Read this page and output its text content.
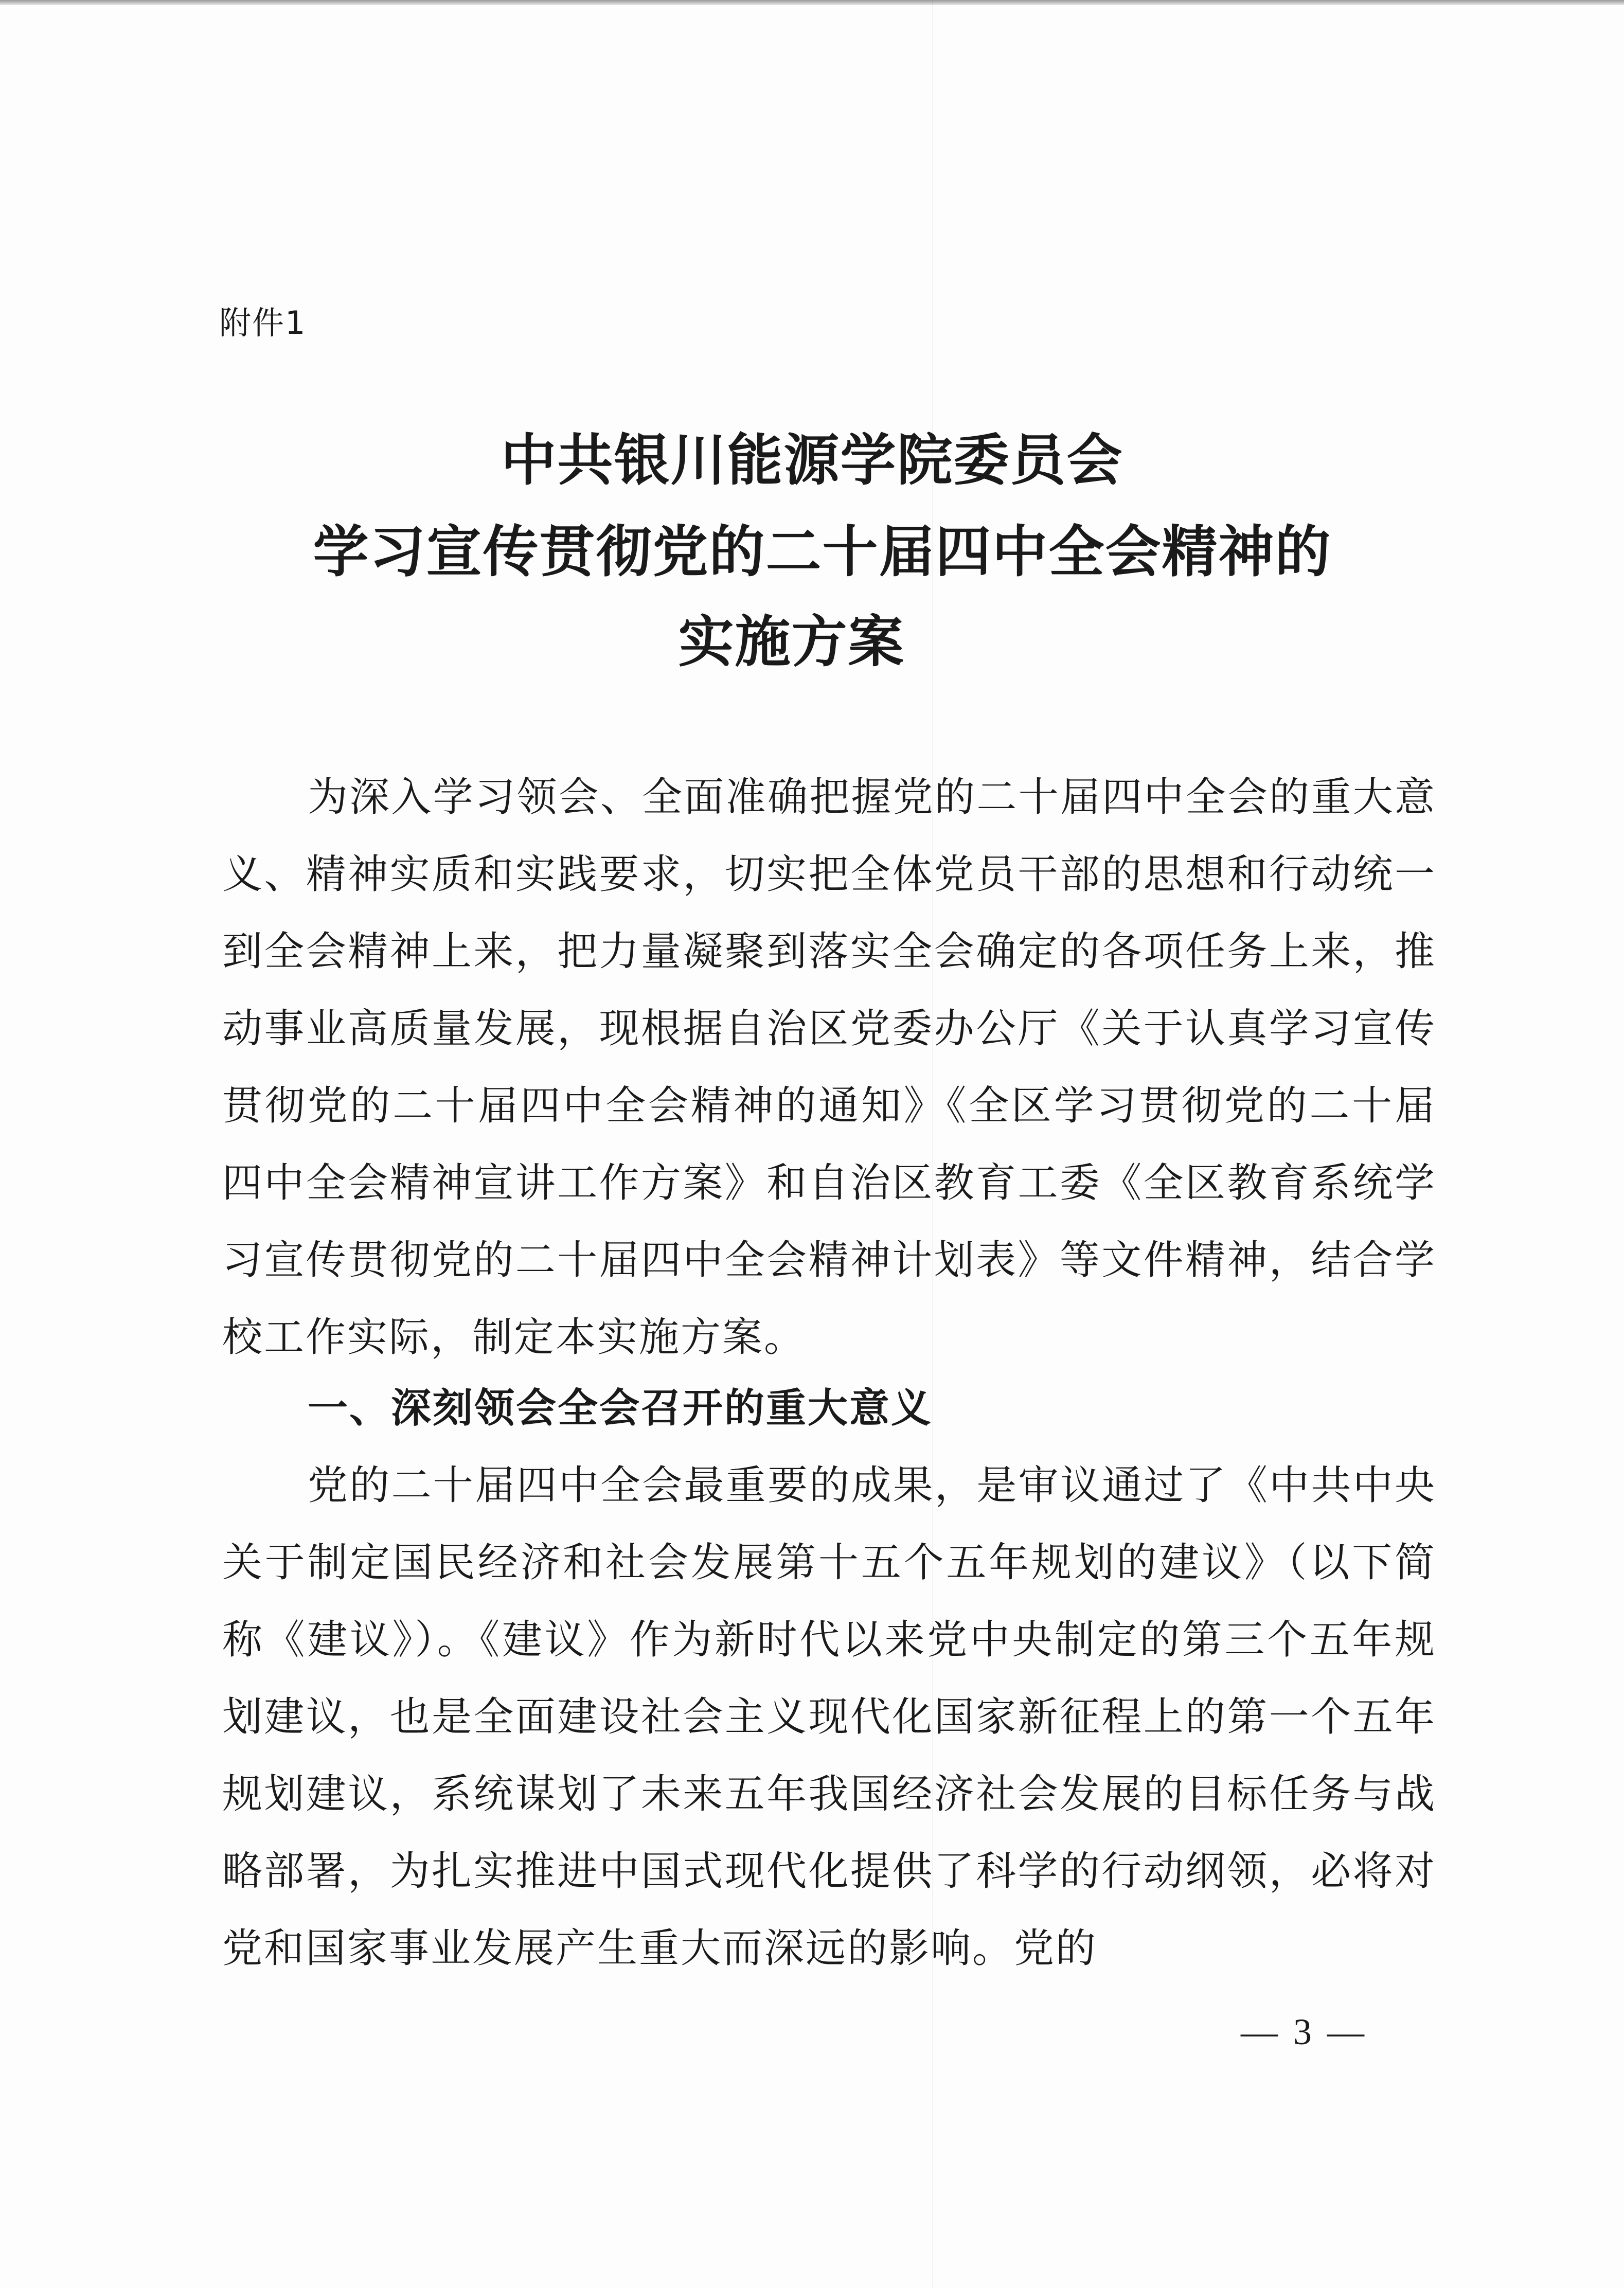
附件1
中共银川能源学院委员会
学习宣传贯彻党的二十届四中全会精神的
实施方案
为深入学习领会、全面准确把握党的二十届四中全会的重大意义、精神实质和实践要求，切实把全体党员干部的思想和行动统一到全会精神上来，把力量凝聚到落实全会确定的各项任务上来，推动事业高质量发展，现根据自治区党委办公厅《关于认真学习宣传贯彻党的二十届四中全会精神的通知》《全区学习贯彻党的二十届四中全会精神宣讲工作方案》和自治区教育工委《全区教育系统学习宣传贯彻党的二十届四中全会精神计划表》等文件精神，结合学校工作实际，制定本实施方案。
一、深刻领会全会召开的重大意义
党的二十届四中全会最重要的成果，是审议通过了《中共中央关于制定国民经济和社会发展第十五个五年规划的建议》（以下简称《建议》）。《建议》作为新时代以来党中央制定的第三个五年规划建议，也是全面建设社会主义现代化国家新征程上的第一个五年规划建议，系统谋划了未来五年我国经济社会发展的目标任务与战略部署，为扎实推进中国式现代化提供了科学的行动纲领，必将对党和国家事业发展产生重大而深远的影响。党的
— 3 —
